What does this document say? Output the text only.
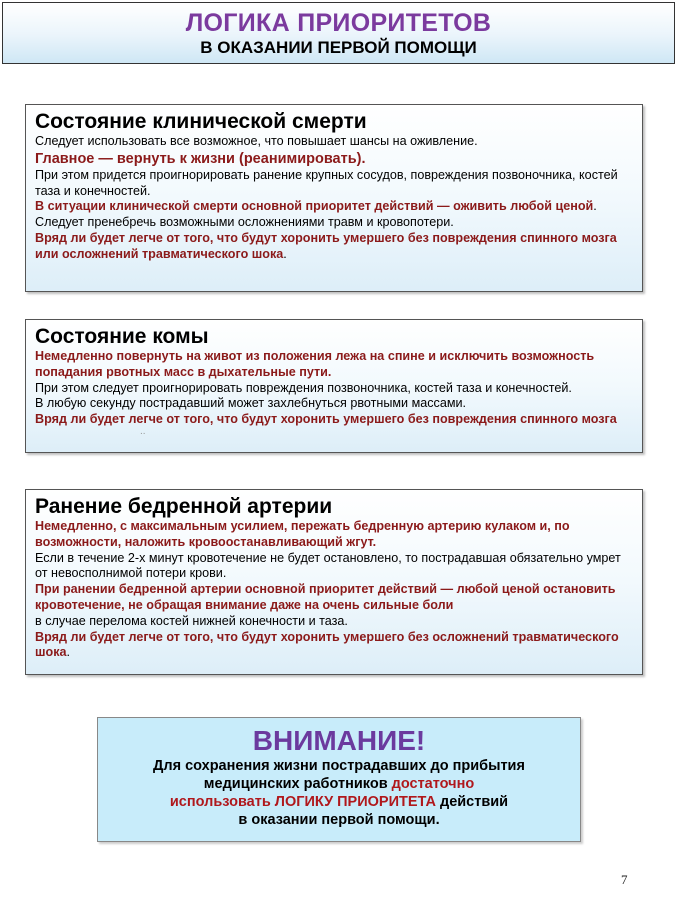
ЛОГИКА ПРИОРИТЕТОВ
В ОКАЗАНИИ ПЕРВОЙ ПОМОЩИ
Состояние клинической смерти

Следует использовать все возможное, что повышает шансы на оживление.

Главное — вернуть к жизни (реанимировать).

При этом придется проигнорировать ранение крупных сосудов, повреждения позвоночника, костей таза и конечностей.

В ситуации клинической смерти основной приоритет действий — оживить любой ценой.

Следует пренебречь возможными осложнениями травм и кровопотери.

Вряд ли будет легче от того, что будут хоронить умершего без повреждения спинного мозга или осложнений травматического шока.

Состояние комы

Немедленно повернуть на живот из положения лежа на спине и исключить возможность попадания рвотных масс в дыхательные пути.

При этом следует проигнорировать повреждения позвоночника, костей таза и конечностей.

В любую секунду пострадавший может захлебнуться рвотными массами.

Вряд ли будет легче от того, что будут хоронить умершего без повреждения спинного мозга

..
Ранение бедренной артерии

Немедленно, с максимальным усилием, пережать бедренную артерию кулаком и, по возможности, наложить кровоостанавливающий жгут.

Если в течение 2-х минут кровотечение не будет остановлено, то пострадавшая обязательно умрет от невосполнимой потери крови.

При ранении бедренной артерии основной приоритет действий — любой ценой остановить кровотечение, не обращая внимание даже на очень сильные боли

в случае перелома костей нижней конечности и таза.

Вряд ли будет легче от того, что будут хоронить умершего без осложнений травматического шока.

ВНИМАНИЕ!
Для сохранения жизни пострадавших до прибытия
медицинских работников достаточно
использовать ЛОГИКУ ПРИОРИТЕТА действий
в оказании первой помощи.
7
